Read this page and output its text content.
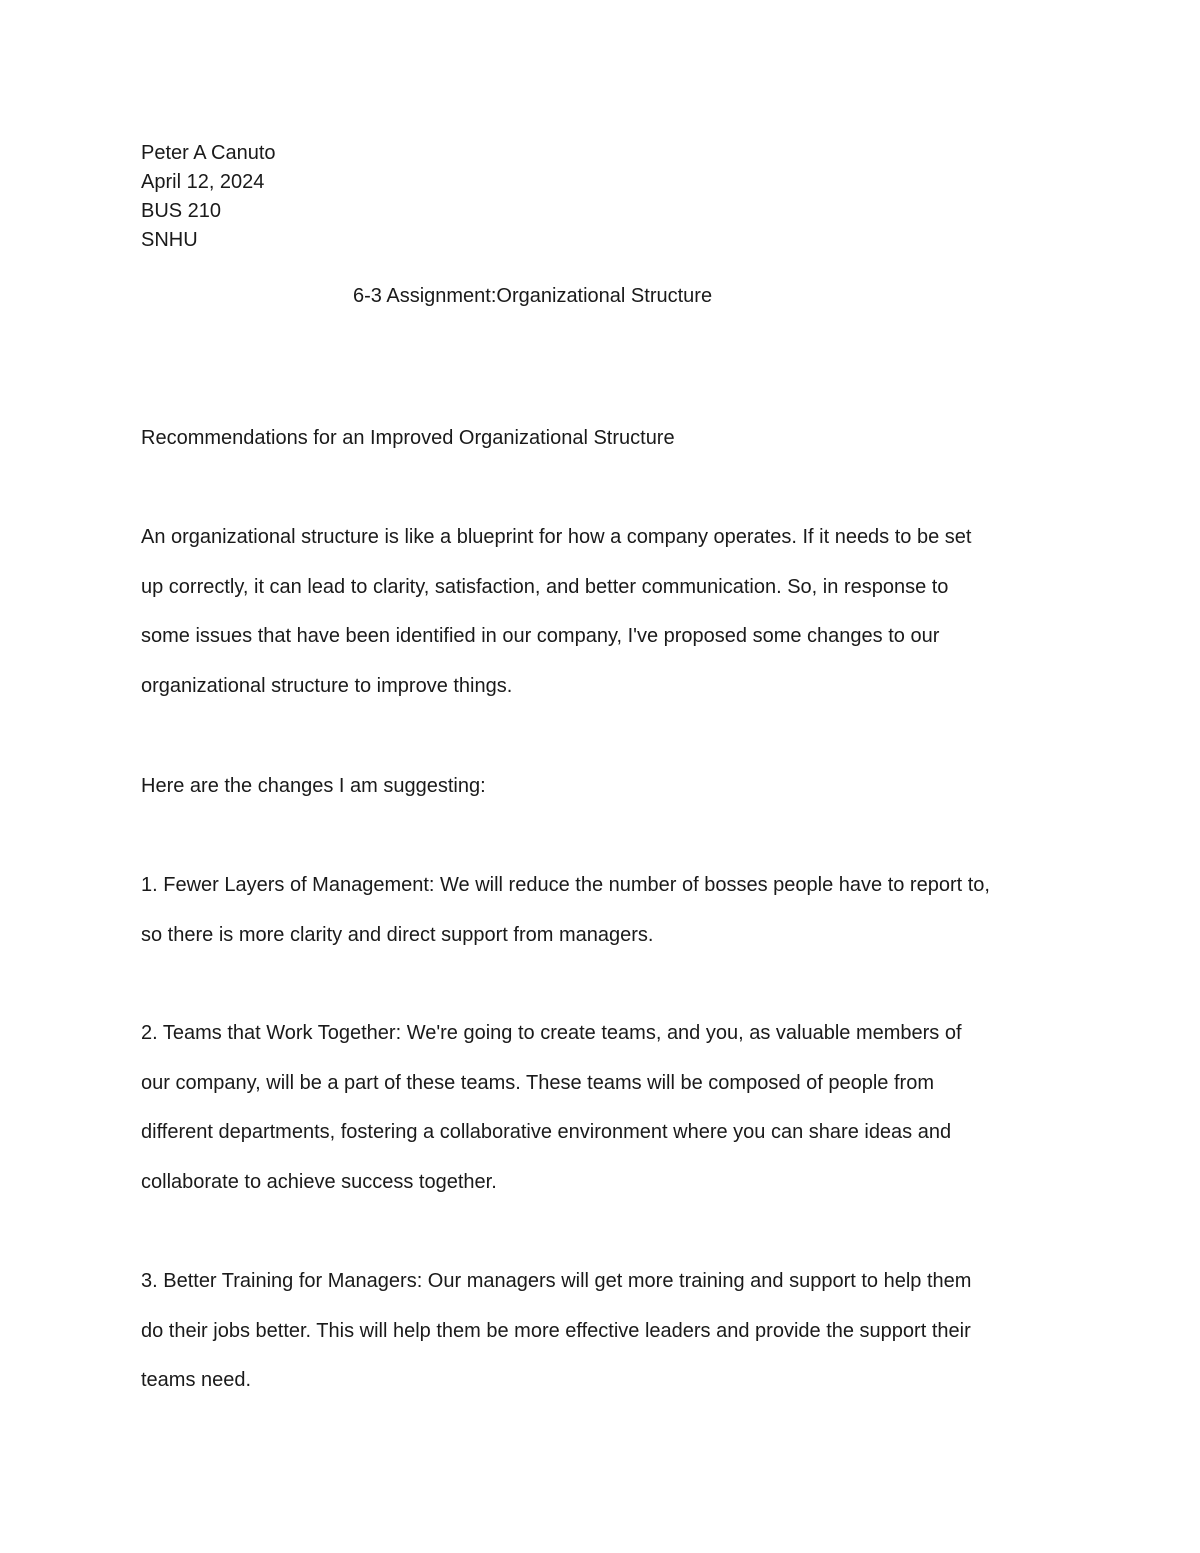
Peter A Canuto
April 12, 2024
BUS 210
SNHU
6-3 Assignment:Organizational Structure
Recommendations for an Improved Organizational Structure
An organizational structure is like a blueprint for how a company operates. If it needs to be set
up correctly, it can lead to clarity, satisfaction, and better communication. So, in response to
some issues that have been identified in our company, I've proposed some changes to our
organizational structure to improve things.
Here are the changes I am suggesting:
1. Fewer Layers of Management: We will reduce the number of bosses people have to report to,
so there is more clarity and direct support from managers.
2. Teams that Work Together: We're going to create teams, and you, as valuable members of
our company, will be a part of these teams. These teams will be composed of people from
different departments, fostering a collaborative environment where you can share ideas and
collaborate to achieve success together.
3. Better Training for Managers: Our managers will get more training and support to help them
do their jobs better. This will help them be more effective leaders and provide the support their
teams need.
